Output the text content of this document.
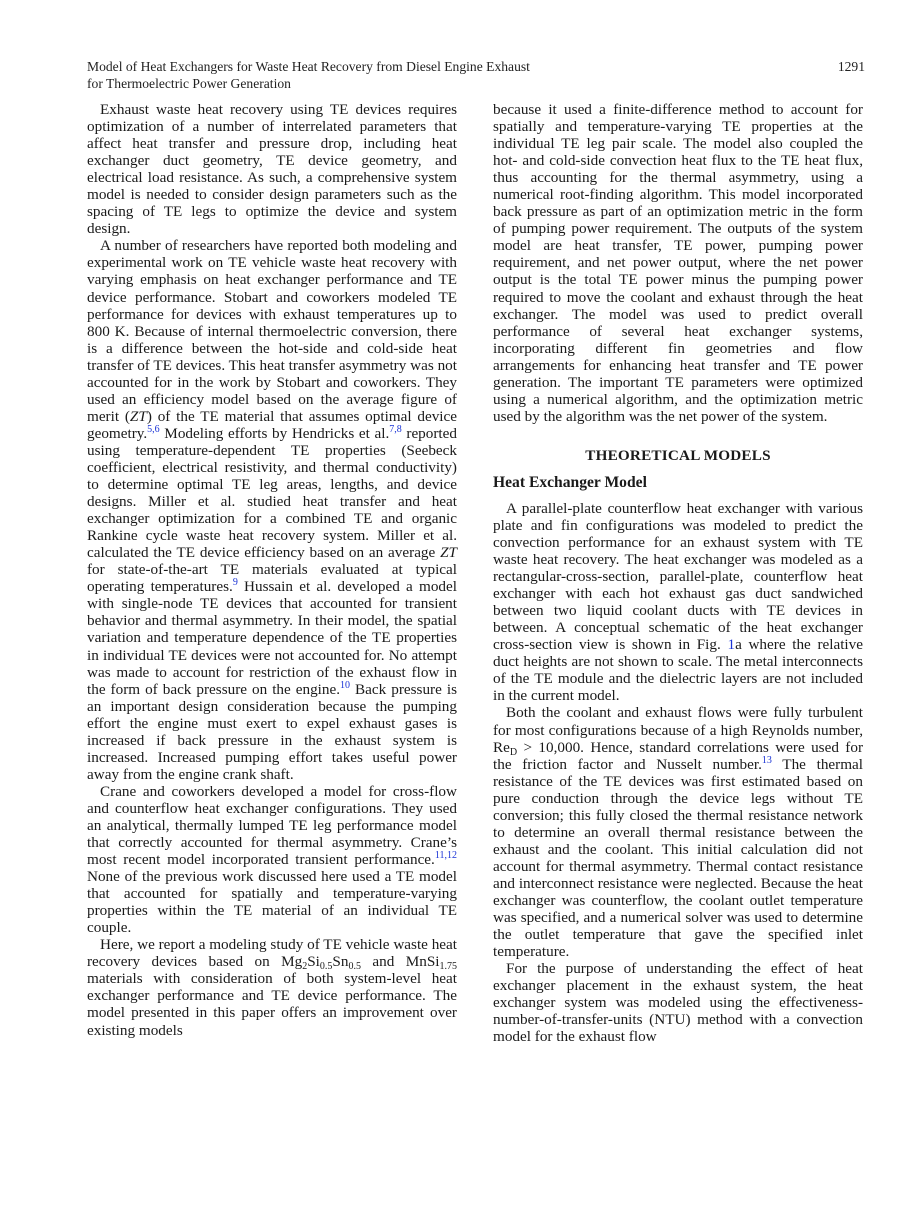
Model of Heat Exchangers for Waste Heat Recovery from Diesel Engine Exhaust
for Thermoelectric Power Generation
1291

Exhaust waste heat recovery using TE devices requires optimization of a number of interrelated parameters that affect heat transfer and pressure drop, including heat exchanger duct geometry, TE device geometry, and electrical load resistance. As such, a comprehensive system model is needed to consider design parameters such as the spacing of TE legs to optimize the device and system design.

A number of researchers have reported both modeling and experimental work on TE vehicle waste heat recovery with varying emphasis on heat exchanger performance and TE device performance. Stobart and coworkers modeled TE performance for devices with exhaust temperatures up to 800 K. Because of internal thermoelectric conversion, there is a difference between the hot-side and cold-side heat transfer of TE devices. This heat transfer asymmetry was not accounted for in the work by Stobart and coworkers. They used an efficiency model based on the average figure of merit (ZT) of the TE material that assumes optimal device geometry.$^{5,6}$ Modeling efforts by Hendricks et al.$^{7,8}$ reported using temperature-dependent TE properties (Seebeck coefficient, electrical resistivity, and thermal conductivity) to determine optimal TE leg areas, lengths, and device designs. Miller et al. studied heat transfer and heat exchanger optimization for a combined TE and organic Rankine cycle waste heat recovery system. Miller et al. calculated the TE device efficiency based on an average ZT for state-of-the-art TE materials evaluated at typical operating temperatures.$^9$ Hussain et al. developed a model with single-node TE devices that accounted for transient behavior and thermal asymmetry. In their model, the spatial variation and temperature dependence of the TE properties in individual TE devices were not accounted for. No attempt was made to account for restriction of the exhaust flow in the form of back pressure on the engine.$^{10}$ Back pressure is an important design consideration because the pumping effort the engine must exert to expel exhaust gases is increased if back pressure in the exhaust system is increased. Increased pumping effort takes useful power away from the engine crank shaft.

Crane and coworkers developed a model for cross-flow and counterflow heat exchanger configurations. They used an analytical, thermally lumped TE leg performance model that correctly accounted for thermal asymmetry. Crane’s most recent model incorporated transient performance.$^{11,12}$ None of the previous work discussed here used a TE model that accounted for spatially and temperature-varying properties within the TE material of an individual TE couple.

Here, we report a modeling study of TE vehicle waste heat recovery devices based on $Mg_2Si_{0.5}Sn_{0.5}$ and MnSi$_{1.75}$ materials with consideration of both system-level heat exchanger performance and TE device performance. The model presented in this paper offers an improvement over existing models

because it used a finite-difference method to account for spatially and temperature-varying TE properties at the individual TE leg pair scale. The model also coupled the hot- and cold-side convection heat flux to the TE heat flux, thus accounting for the thermal asymmetry, using a numerical root-finding algorithm. This model incorporated back pressure as part of an optimization metric in the form of pumping power requirement. The outputs of the system model are heat transfer, TE power, pumping power requirement, and net power output, where the net power output is the total TE power minus the pumping power required to move the coolant and exhaust through the heat exchanger. The model was used to predict overall performance of several heat exchanger systems, incorporating different fin geometries and flow arrangements for enhancing heat transfer and TE power generation. The important TE parameters were optimized using a numerical algorithm, and the optimization metric used by the algorithm was the net power of the system.

THEORETICAL MODELS
Heat Exchanger Model

A parallel-plate counterflow heat exchanger with various plate and fin configurations was modeled to predict the convection performance for an exhaust system with TE waste heat recovery. The heat exchanger was modeled as a rectangular-cross-section, parallel-plate, counterflow heat exchanger with each hot exhaust gas duct sandwiched between two liquid coolant ducts with TE devices in between. A conceptual schematic of the heat exchanger cross-section view is shown in Fig. 1a where the relative duct heights are not shown to scale. The metal interconnects of the TE module and the dielectric layers are not included in the current model.

Both the coolant and exhaust flows were fully turbulent for most configurations because of a high Reynolds number, $Re_D > 10,000$. Hence, standard correlations were used for the friction factor and Nusselt number.$^{13}$ The thermal resistance of the TE devices was first estimated based on pure conduction through the device legs without TE conversion; this fully closed the thermal resistance network to determine an overall thermal resistance between the exhaust and the coolant. This initial calculation did not account for thermal asymmetry. Thermal contact resistance and interconnect resistance were neglected. Because the heat exchanger was counterflow, the coolant outlet temperature was specified, and a numerical solver was used to determine the outlet temperature that gave the specified inlet temperature.

For the purpose of understanding the effect of heat exchanger placement in the exhaust system, the heat exchanger system was modeled using the effectiveness-number-of-transfer-units (NTU) method with a convection model for the exhaust flow
